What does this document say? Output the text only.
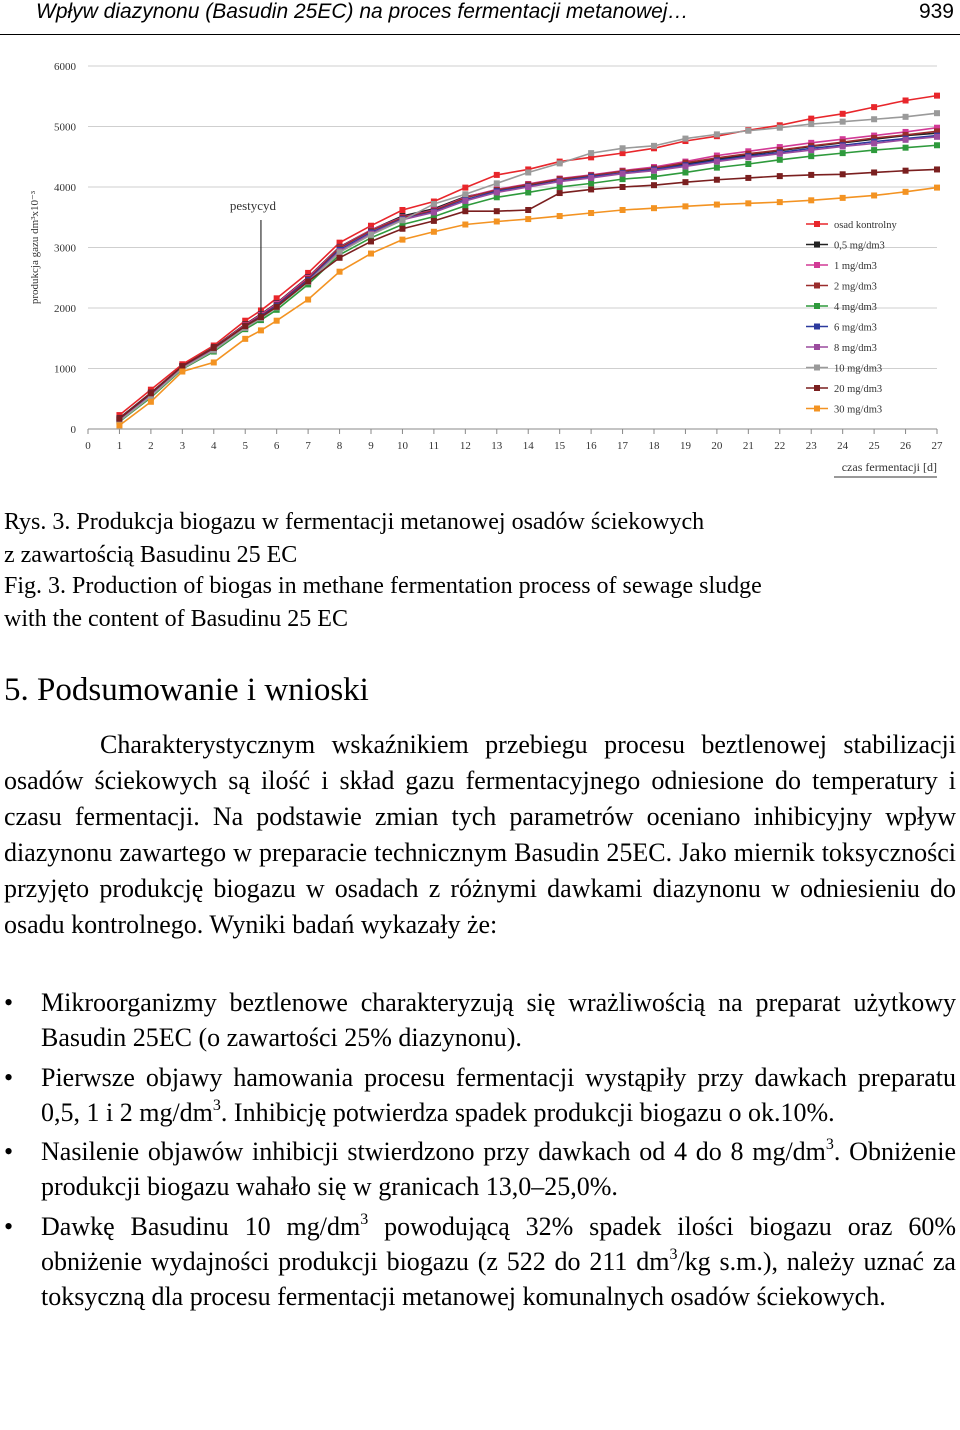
Wpływ diazynonu (Basudin 25EC) na proces fermentacji metanowej…	939
0
1000
2000
3000
4000
5000
6000
0 1 2 3 4 5 6 7 8 9 10 11 12 13 14 15 16 17 18 19 20 21 22 23 24 25 26 27
produkcja gazu dm³x10⁻³
czas fermentacji [d]
osad kontrolny
0,5 mg/dm3
1 mg/dm3
2 mg/dm3
4 mg/dm3
6 mg/dm3
8 mg/dm3
10 mg/dm3
20 mg/dm3
30 mg/dm3
pestycyd
Rys. 3. Produkcja biogazu w fermentacji metanowej osadów ściekowych
z zawartością Basudinu 25 EC
Fig. 3. Production of biogas in methane fermentation process of sewage sludge
with the content of Basudinu 25 EC
5. Podsumowanie i wnioski

Charakterystycznym wskaźnikiem przebiegu procesu beztlenowej stabilizacji osadów ściekowych są ilość i skład gazu fermentacyjnego odniesione do temperatury i czasu fermentacji. Na podstawie zmian tych parametrów oceniano inhibicyjny wpływ diazynonu zawartego w preparacie technicznym Basudin 25EC. Jako miernik toksyczności przyjęto produkcję biogazu w osadach z różnymi dawkami diazynonu w odniesieniu do osadu kontrolnego. Wyniki badań wykazały że:

• Mikroorganizmy beztlenowe charakteryzują się wrażliwością na preparat użytkowy Basudin 25EC (o zawartości 25% diazynonu).
• Pierwsze objawy hamowania procesu fermentacji wystąpiły przy dawkach preparatu 0,5, 1 i 2 $mg/dm^3$. Inhibicję potwierdza spadek produkcji biogazu o ok.10%.
• Nasilenie objawów inhibicji stwierdzono przy dawkach od 4 do 8 $mg/dm^3$. Obniżenie produkcji biogazu wahało się w granicach 13,0–25,0%.
• Dawkę Basudinu 10 $mg/dm^3$ powodującą 32% spadek ilości biogazu oraz 60% obniżenie wydajności produkcji biogazu (z 522 do 211 $dm^3/kg$ s.m.), należy uznać za toksyczną dla procesu fermentacji metanowej komunalnych osadów ściekowych.
